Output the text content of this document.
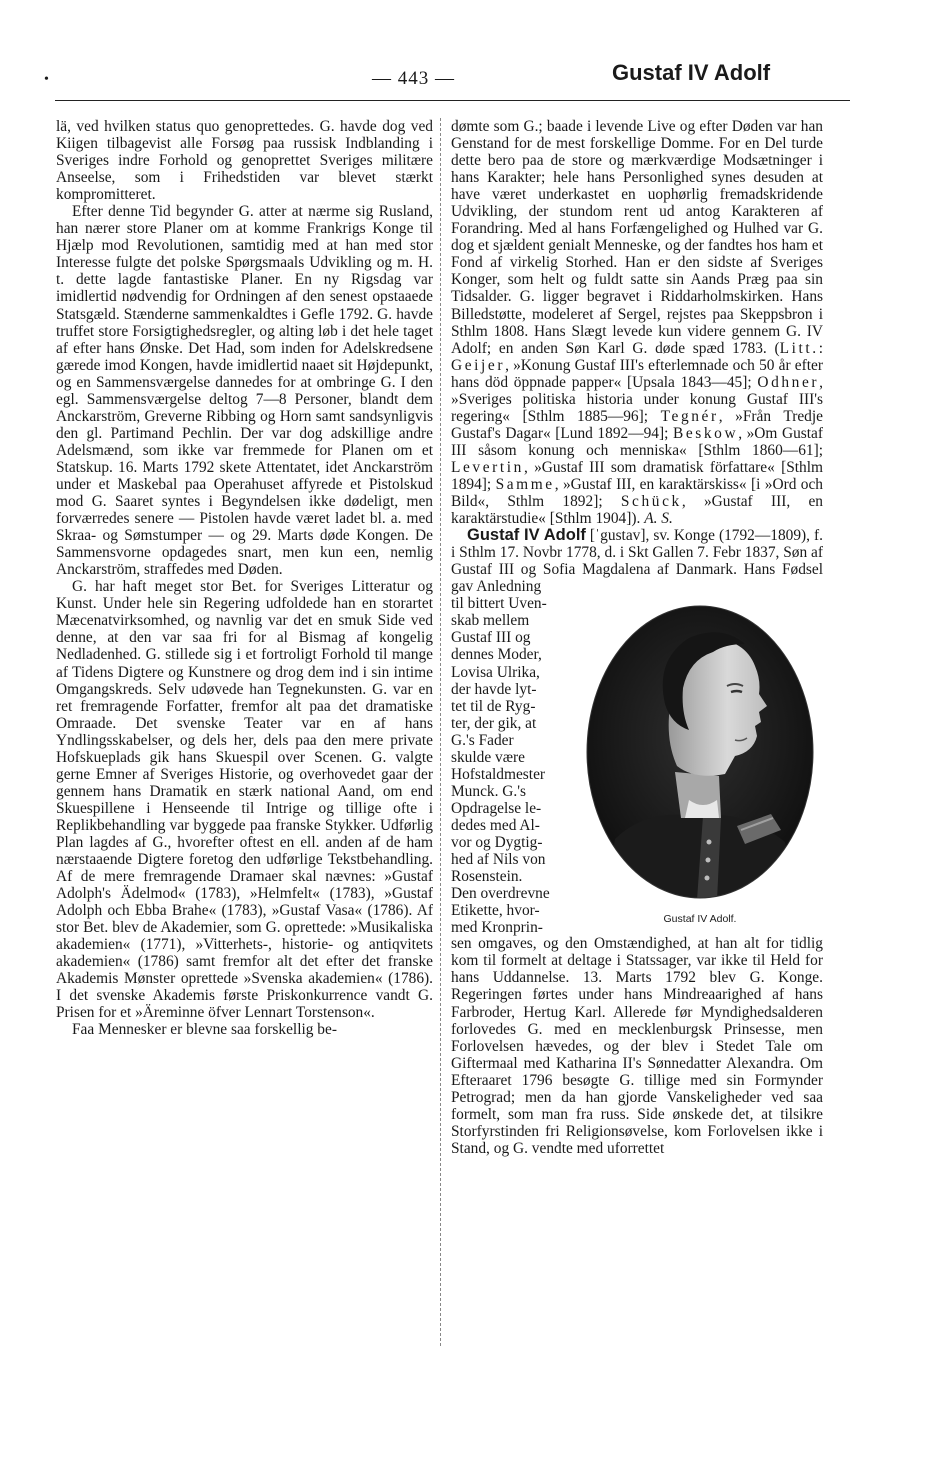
•	— 443 —	Gustaf IV Adolf

lä, ved hvilken status quo genoprettedes. G. havde dog ved Kiigen tilbagevist alle Forsøg paa russisk Indblanding i Sveriges indre Forhold og genoprettet Sveriges militære Anseelse, som i Frihedstiden var blevet stærkt kompromitteret.

Efter denne Tid begynder G. atter at nærme sig Rusland, han nærer store Planer om at komme Frankrigs Konge til Hjælp mod Revolutionen, samtidig med at han med stor Interesse fulgte det polske Spørgsmaals Udvikling og m. H. t. dette lagde fantastiske Planer. En ny Rigsdag var imidlertid nødvendig for Ordningen af den senest opstaaede Statsgæld. Stænderne sammenkaldtes i Gefle 1792. G. havde truffet store Forsigtighedsregler, og alting løb i det hele taget af efter hans Ønske. Det Had, som inden for Adelskredsene gærede imod Kongen, havde imidlertid naaet sit Højdepunkt, og en Sammensværgelse dannedes for at ombringe G. I den egl. Sammensværgelse deltog 7—8 Personer, blandt dem Anckarström, Greverne Ribbing og Horn samt sandsynligvis den gl. Partimand Pechlin. Der var dog adskillige andre Adelsmænd, som ikke var fremmede for Planen om et Statskup. 16. Marts 1792 skete Attentatet, idet Anckarström under et Maskebal paa Operahuset affyrede et Pistolskud mod G. Saaret syntes i Begyndelsen ikke dødeligt, men forværredes senere — Pistolen havde været ladet bl. a. med Skraa- og Sømstumper — og 29. Marts døde Kongen. De Sammensvorne opdagedes snart, men kun een, nemlig Anckarström, straffedes med Døden.

G. har haft meget stor Bet. for Sveriges Litteratur og Kunst. Under hele sin Regering udfoldede han en storartet Mæcenatvirksomhed, og navnlig var det en smuk Side ved denne, at den var saa fri for al Bismag af kongelig Nedladenhed. G. stillede sig i et fortroligt Forhold til mange af Tidens Digtere og Kunstnere og drog dem ind i sin intime Omgangskreds. Selv udøvede han Tegnekunsten. G. var en ret fremragende Forfatter, fremfor alt paa det dramatiske Omraade. Det svenske Teater var en af hans Yndlingsskabelser, og dels her, dels paa den mere private Hofskueplads gik hans Skuespil over Scenen. G. valgte gerne Emner af Sveriges Historie, og overhovedet gaar der gennem hans Dramatik en stærk national Aand, om end Skuespillene i Henseende til Intrige og tillige ofte i Replikbehandling var byggede paa franske Stykker. Udførlig Plan lagdes af G., hvorefter oftest en ell. anden af de ham nærstaaende Digtere foretog den udførlige Tekstbehandling. Af de mere fremragende Dramaer skal nævnes: »Gustaf Adolph's Ädelmod« (1783), »Helmfelt« (1783), »Gustaf Adolph och Ebba Brahe« (1783), »Gustaf Vasa« (1786). Af stor Bet. blev de Akademier, som G. oprettede: »Musikaliska akademien« (1771), »Vitterhets-, historie- og antiqvitets akademien« (1786) samt fremfor alt det efter det franske Akademis Mønster oprettede »Svenska akademien« (1786). I det svenske Akademis første Priskonkurrence vandt G. Prisen for et »Äreminne öfver Lennart Torstenson«.

Faa Mennesker er blevne saa forskellig be-

dømte som G.; baade i levende Live og efter Døden var han Genstand for de mest forskellige Domme. For en Del turde dette bero paa de store og mærkværdige Modsætninger i hans Karakter; hele hans Personlighed synes desuden at have været underkastet en uophørlig fremadskridende Udvikling, der stundom rent ud antog Karakteren af Forandring. Med al hans Forfængelighed og Hulhed var G. dog et sjældent genialt Menneske, og der fandtes hos ham et Fond af virkelig Storhed. Han er den sidste af Sveriges Konger, som helt og fuldt satte sin Aands Præg paa sin Tidsalder. G. ligger begravet i Riddarholmskirken. Hans Billedstøtte, modeleret af Sergel, rejstes paa Skeppsbron i Sthlm 1808. Hans Slægt levede kun videre gennem G. IV Adolf; en anden Søn Karl G. døde spæd 1783. (Litt.: Geijer, »Konung Gustaf III's efterlemnade och 50 år efter hans död öppnade papper« [Upsala 1843—45]; Odhner, »Sveriges politiska historia under konung Gustaf III's regering« [Sthlm 1885—96]; Tegnér, »Från Tredje Gustaf's Dagar« [Lund 1892—94]; Beskow, »Om Gustaf III såsom konung och menniska« [Sthlm 1860—61]; Levertin, »Gustaf III som dramatisk författare« [Sthlm 1894]; Samme, »Gustaf III, en karaktärskiss« [i »Ord och Bild«, Sthlm 1892]; Schück, »Gustaf III, en karaktärstudie« [Sthlm 1904]). A. S.

Gustaf IV Adolf [ˈgustav], sv. Konge (1792—1809), f. i Sthlm 17. Novbr 1778, d. i Skt Gallen 7. Febr 1837, Søn af Gustaf III og Sofia Magdalena af Danmark. Hans Fødsel gav Anledning

til bittert Uven-

skab mellem

Gustaf III og

dennes Moder,

Lovisa Ulrika,

der havde lyt-

tet til de Ryg-

ter, der gik, at

G.'s Fader

skulde være

Hofstaldmester

Munck. G.'s

Opdragelse le-

dedes med Al-

vor og Dygtig-

hed af Nils von

Rosenstein.

Den overdrevne

Etikette, hvor-

med Kronprin-	Gustaf IV Adolf.

sen omgaves, og den Omstændighed, at han alt for tidlig kom til formelt at deltage i Statssager, var ikke til Held for hans Uddannelse. 13. Marts 1792 blev G. Konge. Regeringen førtes under hans Mindreaarighed af hans Farbroder, Hertug Karl. Allerede før Myndighedsalderen forlovedes G. med en mecklenburgsk Prinsesse, men Forlovelsen hævedes, og der blev i Stedet Tale om Giftermaal med Katharina II's Sønnedatter Alexandra. Om Efteraaret 1796 besøgte G. tillige med sin Formynder Petrograd; men da han gjorde Vanskeligheder ved saa formelt, som man fra russ. Side ønskede det, at tilsikre Storfyrstinden fri Religionsøvelse, kom Forlovelsen ikke i Stand, og G. vendte med uforrettet
